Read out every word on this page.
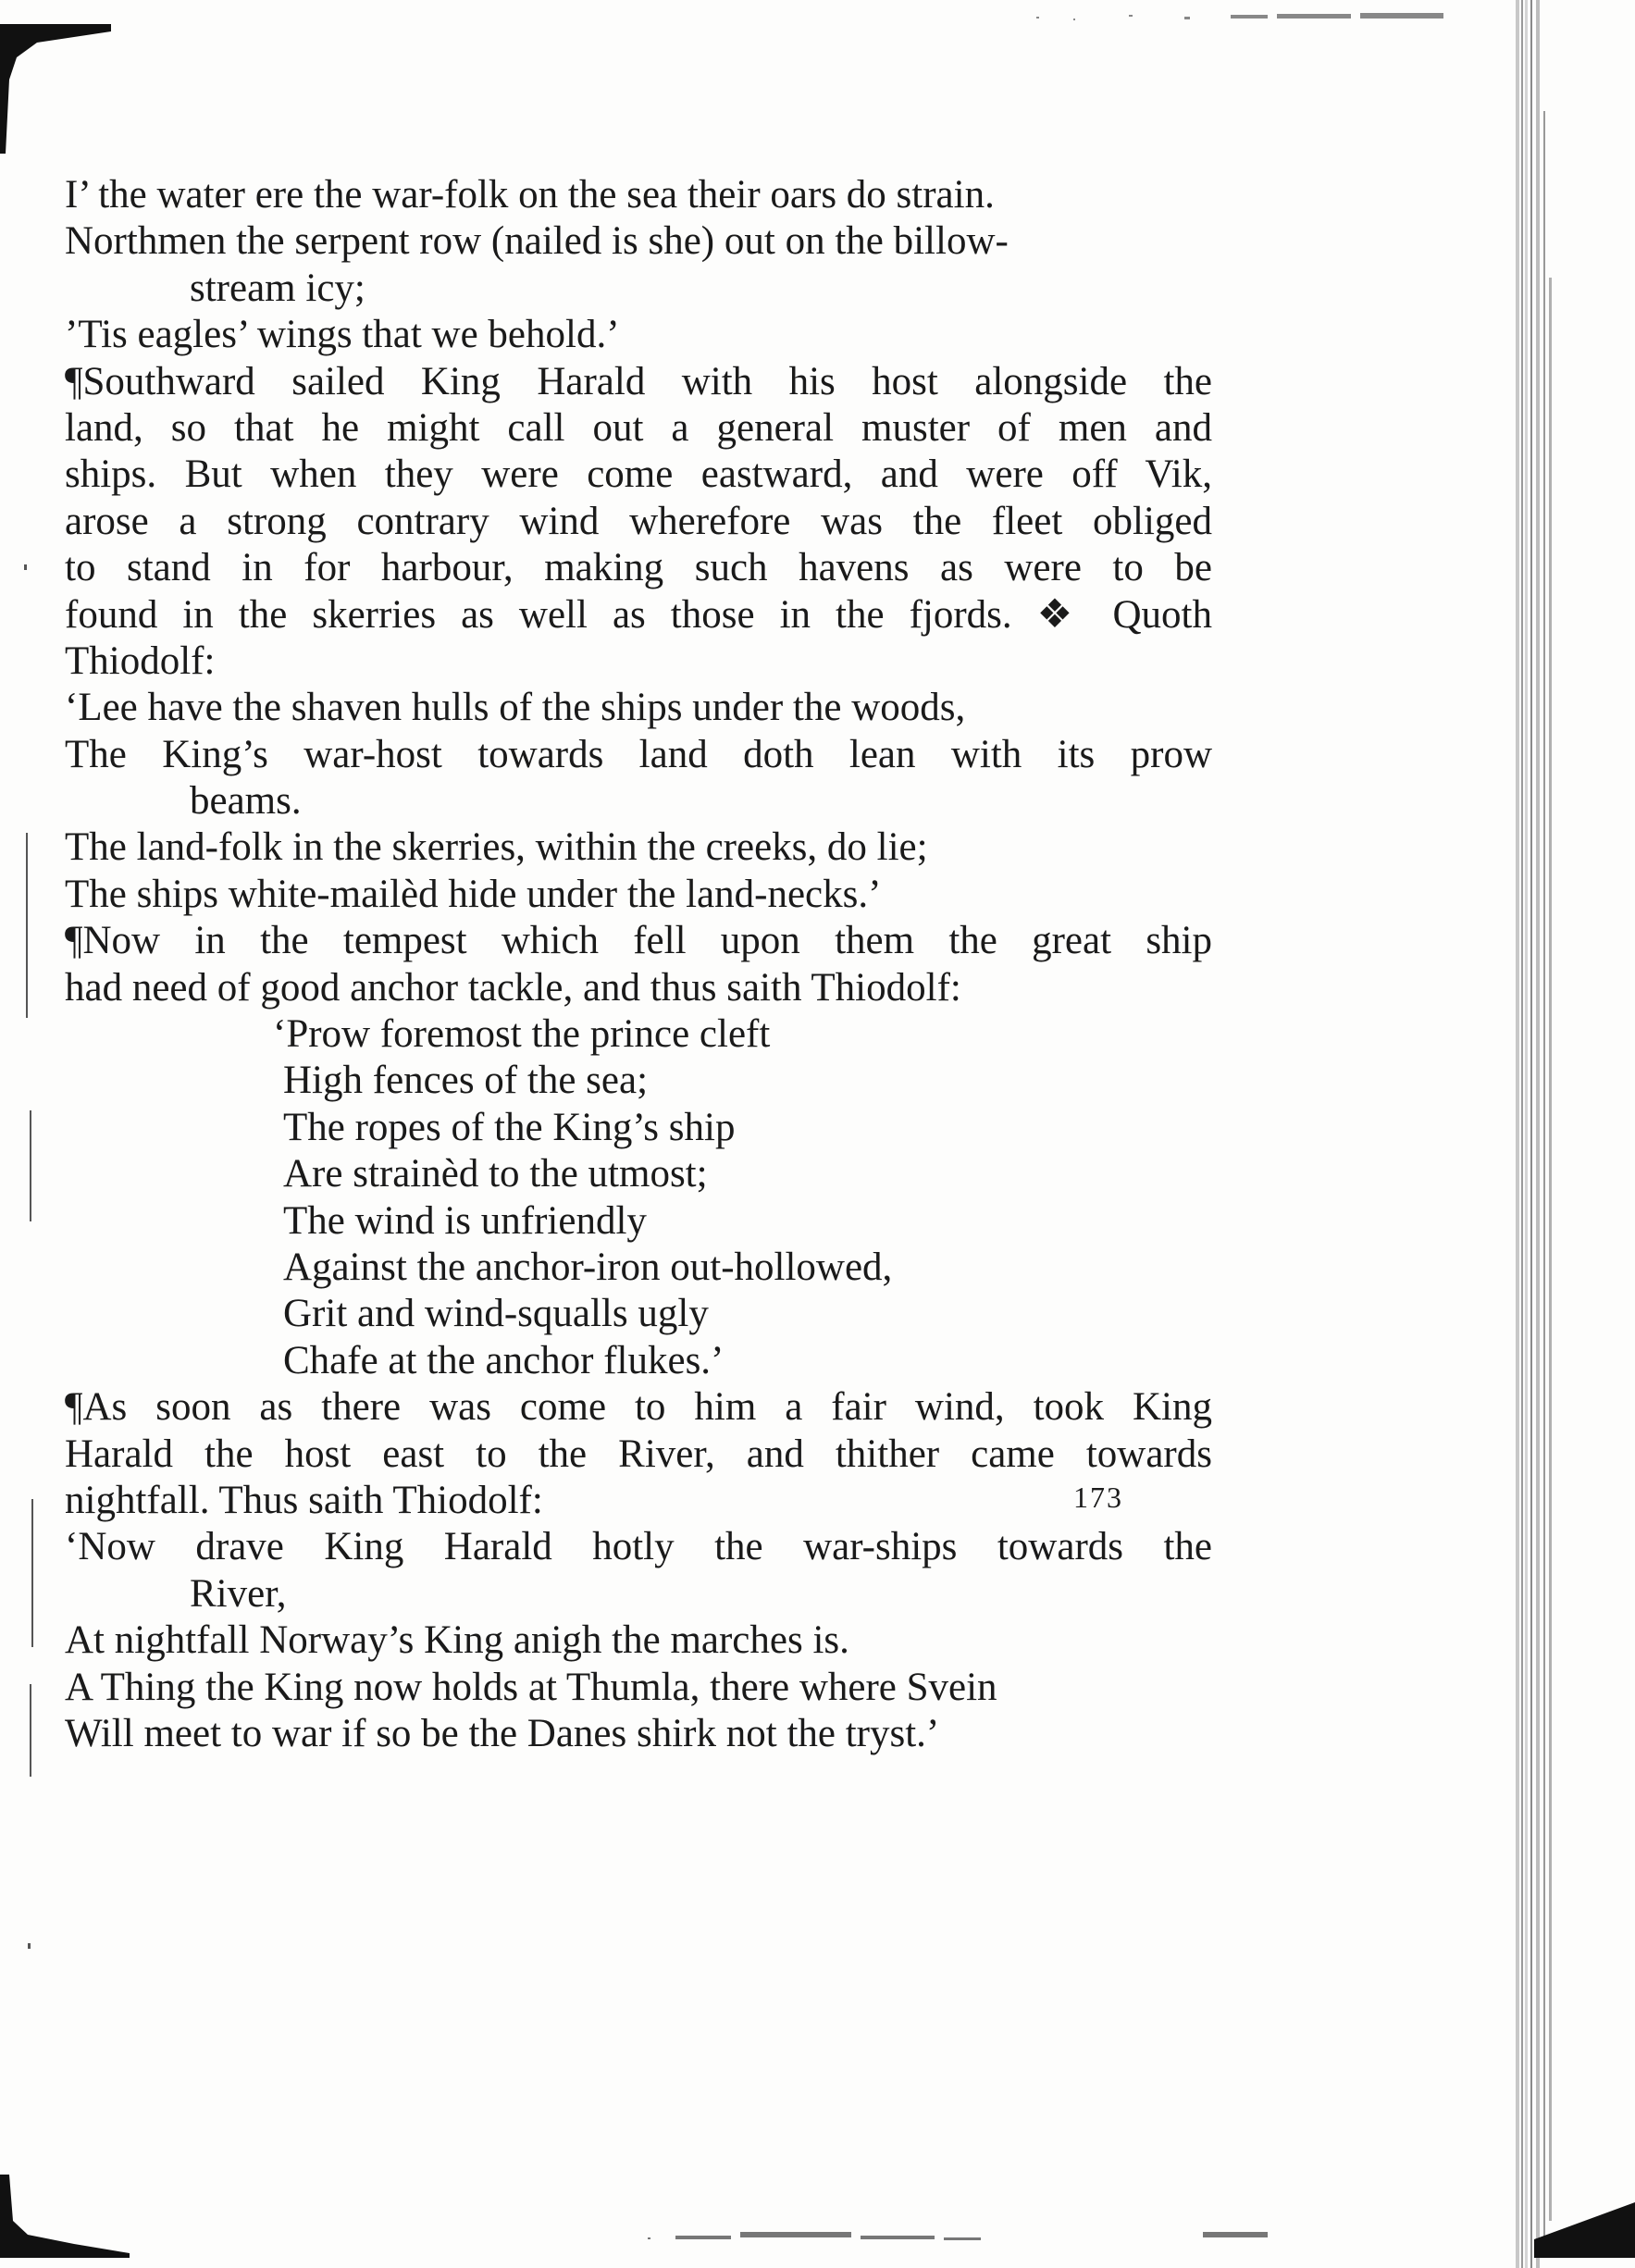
I’ the water ere the war-folk on the sea their oars do strain.
Northmen the serpent row (nailed is she) out on the billow-
stream icy;
’Tis eagles’ wings that we behold.’
¶Southward sailed King Harald with his host alongside the
land, so that he might call out a general muster of men and
ships. But when they were come eastward, and were off Vik,
arose a strong contrary wind wherefore was the fleet obliged
to stand in for harbour, making such havens as were to be
found in the skerries as well as those in the fjords. ❖ Quoth
Thiodolf:
‘Lee have the shaven hulls of the ships under the woods,
The King’s war-host towards land doth lean with its prow
beams.
The land-folk in the skerries, within the creeks, do lie;
The ships white-mailèd hide under the land-necks.’
¶Now in the tempest which fell upon them the great ship
had need of good anchor tackle, and thus saith Thiodolf:
‘Prow foremost the prince cleft
High fences of the sea;
The ropes of the King’s ship
Are strainèd to the utmost;
The wind is unfriendly
Against the anchor-iron out-hollowed,
Grit and wind-squalls ugly
Chafe at the anchor flukes.’
¶As soon as there was come to him a fair wind, took King
Harald the host east to the River, and thither came towards
nightfall. Thus saith Thiodolf:
‘Now drave King Harald hotly the war-ships towards the
River,
At nightfall Norway’s King anigh the marches is.
A Thing the King now holds at Thumla, there where Svein
Will meet to war if so be the Danes shirk not the tryst.’
173
